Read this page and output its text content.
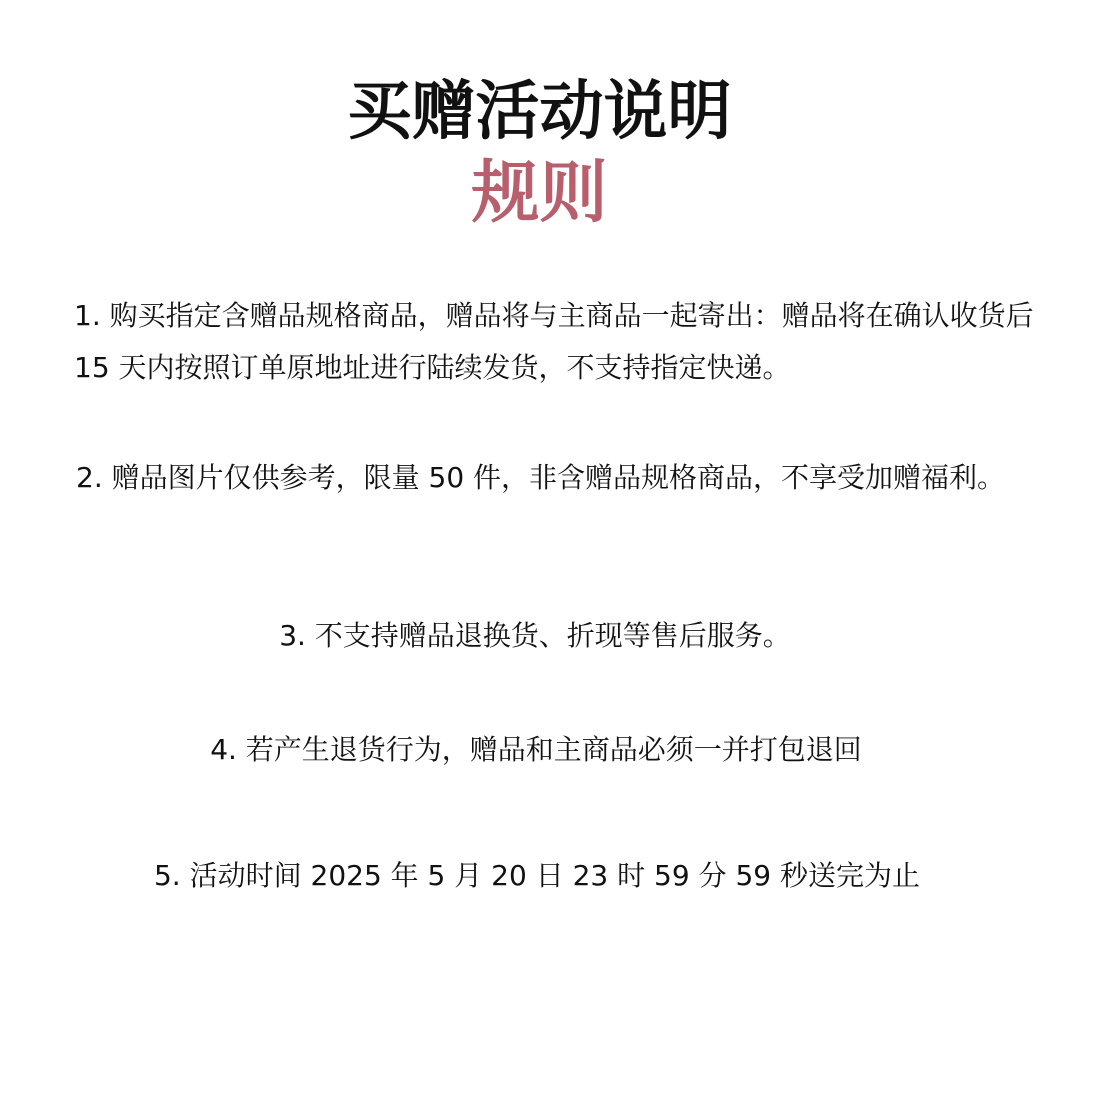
买赠活动说明
规则

1. 购买指定含赠品规格商品，赠品将与主商品一起寄出：赠品将在确认收货后 15 天内按照订单原地址进行陆续发货，不支持指定快递。

2. 赠品图片仅供参考，限量 50 件，非含赠品规格商品，不享受加赠福利。

3. 不支持赠品退换货、折现等售后服务。

4. 若产生退货行为，赠品和主商品必须一并打包退回

5. 活动时间 2025 年 5 月 20 日 23 时 59 分 59 秒送完为止
